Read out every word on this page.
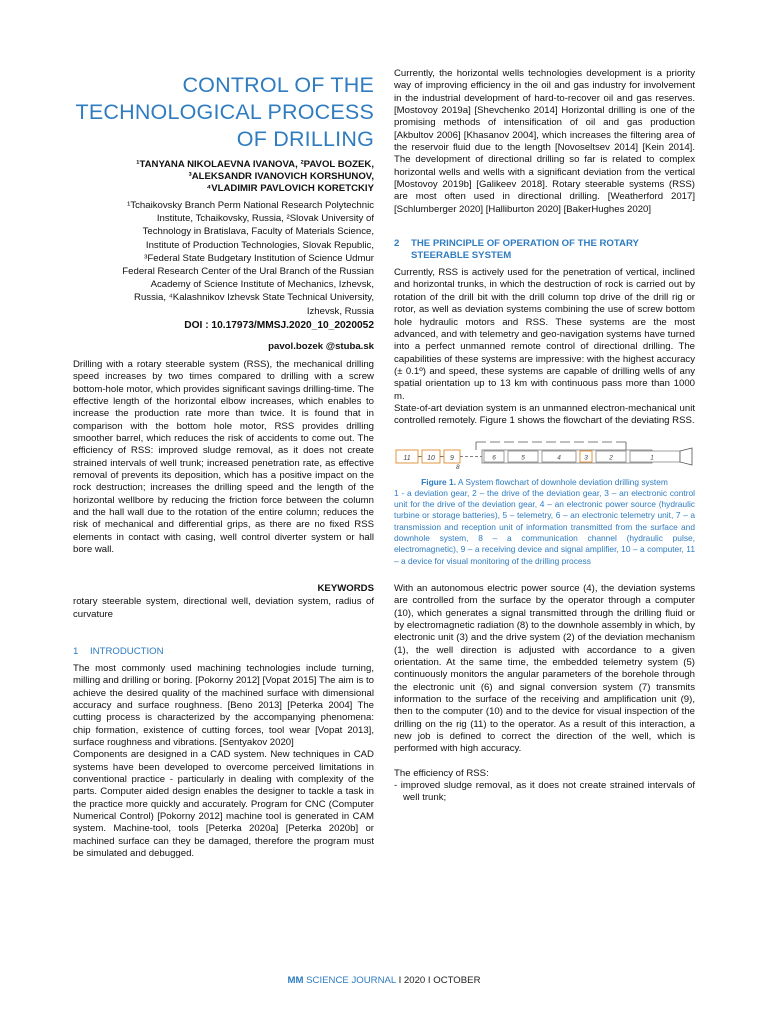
CONTROL OF THE
TECHNOLOGICAL PROCESS
OF DRILLING
¹TANYANA NIKOLAEVNA IVANOVA, ²PAVOL BOZEK,
³ALEKSANDR IVANOVICH KORSHUNOV,
⁴VLADIMIR PAVLOVICH KORETCKIY
¹Tchaikovsky Branch Perm National Research Polytechnic
Institute, Tchaikovsky, Russia, ²Slovak University of
Technology in Bratislava, Faculty of Materials Science,
Institute of Production Technologies, Slovak Republic,
³Federal State Budgetary Institution of Science Udmur
Federal Research Center of the Ural Branch of the Russian
Academy of Science Institute of Mechanics, Izhevsk,
Russia, ⁴Kalashnikov Izhevsk State Technical University,
Izhevsk, Russia
DOI : 10.17973/MMSJ.2020_10_2020052
pavol.bozek @stuba.sk

Drilling with a rotary steerable system (RSS), the mechanical drilling speed increases by two times compared to drilling with a screw bottom-hole motor, which provides significant savings drilling-time. The effective length of the horizontal elbow increases, which enables to increase the production rate more than twice. It is found that in comparison with the bottom hole motor, RSS provides drilling smoother barrel, which reduces the risk of accidents to come out. The efficiency of RSS: improved sludge removal, as it does not create strained intervals of well trunk; increased penetration rate, as effective removal of prevents its deposition, which has a positive impact on the rock destruction; increases the drilling speed and the length of the horizontal wellbore by reducing the friction force between the column and the hall wall due to the rotation of the entire column; reduces the risk of mechanical and differential grips, as there are no fixed RSS elements in contact with casing, well control diverter system or hall bore wall.

KEYWORDS

rotary steerable system, directional well, deviation system, radius of curvature

1	INTRODUCTION

The most commonly used machining technologies include turning, milling and drilling or boring. [Pokorny 2012] [Vopat 2015] The aim is to achieve the desired quality of the machined surface with dimensional accuracy and surface roughness. [Beno 2013] [Peterka 2004] The cutting process is characterized by the accompanying phenomena: chip formation, existence of cutting forces, tool wear [Vopat 2013], surface roughness and vibrations. [Sentyakov 2020]

Components are designed in a CAD system. New techniques in CAD systems have been developed to overcome perceived limitations in conventional practice - particularly in dealing with complexity of the parts. Computer aided design enables the designer to tackle a task in the practice more quickly and accurately. Program for CNC (Computer Numerical Control) [Pokorny 2012] machine tool is generated in CAM system. Machine-tool, tools [Peterka 2020a] [Peterka 2020b] or machined surface can they be damaged, therefore the program must be simulated and debugged.

Currently, the horizontal wells technologies development is a priority way of improving efficiency in the oil and gas industry for involvement in the industrial development of hard-to-recover oil and gas reserves. [Mostovoy 2019a] [Shevchenko 2014] Horizontal drilling is one of the promising methods of intensification of oil and gas production [Akbultov 2006] [Khasanov 2004], which increases the filtering area of the reservoir fluid due to the length [Novoseltsev 2014] [Kein 2014]. The development of directional drilling so far is related to complex horizontal wells and wells with a significant deviation from the vertical [Mostovoy 2019b] [Galikeev 2018]. Rotary steerable systems (RSS) are most often used in directional drilling. [Weatherford 2017] [Schlumberger 2020] [Halliburton 2020] [BakerHughes 2020]

2	THE PRINCIPLE OF OPERATION OF THE ROTARY STEERABLE SYSTEM

Currently, RSS is actively used for the penetration of vertical, inclined and horizontal trunks, in which the destruction of rock is carried out by rotation of the drill bit with the drill column top drive of the drill rig or rotor, as well as deviation systems combining the use of screw bottom hole hydraulic motors and RSS. These systems are the most advanced, and with telemetry and geo-navigation systems have turned into a perfect unmanned remote control of directional drilling. The capabilities of these systems are impressive: with the highest accuracy (± 0.1º) and speed, these systems are capable of drilling wells of any spatial orientation up to 13 km with continuous pass more than 1000 m.

State-of-art deviation system is an unmanned electron-mechanical unit controlled remotely. Figure 1 shows the flowchart of the deviating RSS.

11 10 9
8
6	5	4	3	2	1
Figure 1. A System flowchart of downhole deviation drilling system
1 - a deviation gear, 2 – the drive of the deviation gear, 3 – an electronic control unit for the drive of the deviation gear, 4 – an electronic power source (hydraulic turbine or storage batteries), 5 – telemetry, 6 – an electronic telemetry unit, 7 – a transmission and reception unit of information transmitted from the surface and downhole system, 8 – a communication channel (hydraulic pulse, electromagnetic), 9 – a receiving device and signal amplifier, 10 – a computer, 11 – a device for visual monitoring of the drilling process

With an autonomous electric power source (4), the deviation systems are controlled from the surface by the operator through a computer (10), which generates a signal transmitted through the drilling fluid or by electromagnetic radiation (8) to the downhole assembly in which, by electronic unit (3) and the drive system (2) of the deviation mechanism (1), the well direction is adjusted with accordance to a given orientation. At the same time, the embedded telemetry system (5) continuously monitors the angular parameters of the borehole through the electronic unit (6) and signal conversion system (7) transmits information to the surface of the receiving and amplification unit (9), then to the computer (10) and to the device for visual inspection of the drilling on the rig (11) to the operator. As a result of this interaction, a new job is defined to correct the direction of the well, which is performed with high accuracy.

The efficiency of RSS:

- improved sludge removal, as it does not create strained intervals of well trunk;

MM SCIENCE JOURNAL I 2020 I OCTOBER
